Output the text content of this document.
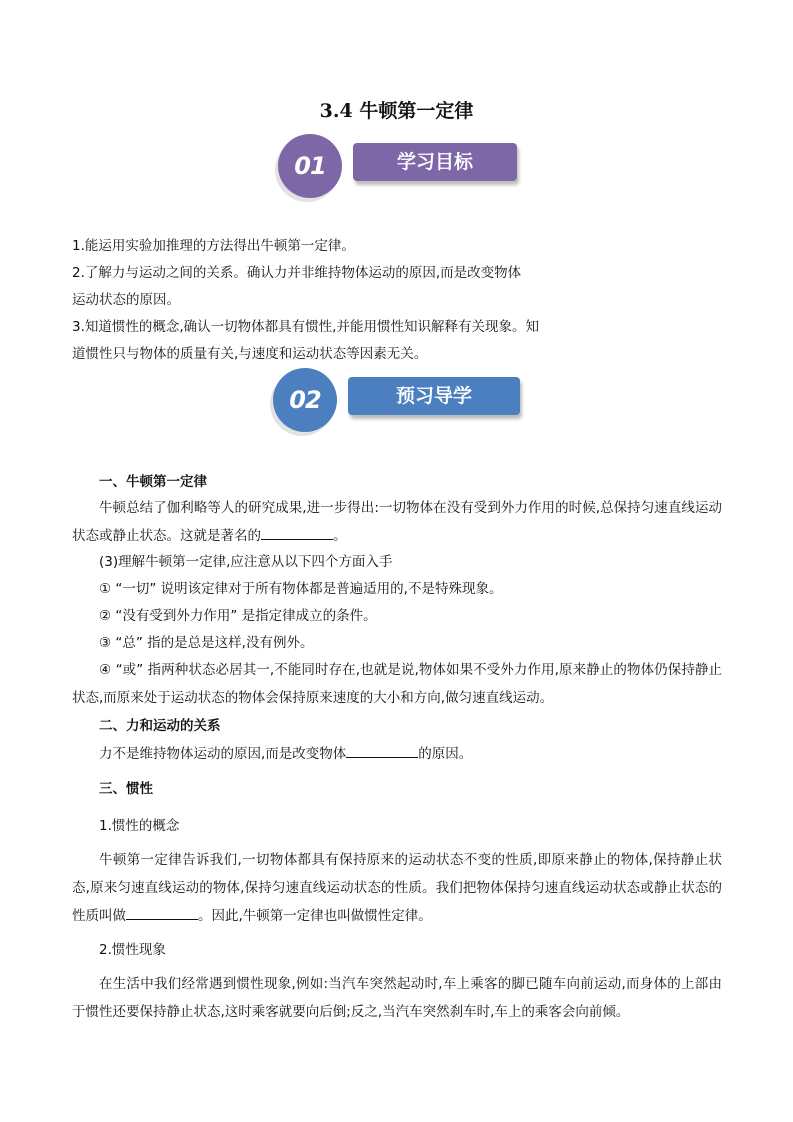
3.4 牛顿第一定律
01	学习目标
1.能运用实验加推理的方法得出牛顿第一定律。
2.了解力与运动之间的关系。确认力并非维持物体运动的原因,而是改变物体
运动状态的原因。
3.知道惯性的概念,确认一切物体都具有惯性,并能用惯性知识解释有关现象。知
道惯性只与物体的质量有关,与速度和运动状态等因素无关。
02	预习导学
一、牛顿第一定律
牛顿总结了伽利略等人的研究成果,进一步得出:一切物体在没有受到外力作用的时候,总保持匀速直线运动状态或静止状态。这就是著名的	。
(3)理解牛顿第一定律,应注意从以下四个方面入手
① “一切” 说明该定律对于所有物体都是普遍适用的,不是特殊现象。
② “没有受到外力作用” 是指定律成立的条件。
③ “总” 指的是总是这样,没有例外。
④ “或” 指两种状态必居其一,不能同时存在,也就是说,物体如果不受外力作用,原来静止的物体仍保持静止状态,而原来处于运动状态的物体会保持原来速度的大小和方向,做匀速直线运动。
二、力和运动的关系
力不是维持物体运动的原因,而是改变物体	的原因。
三、惯性
1.惯性的概念
牛顿第一定律告诉我们,一切物体都具有保持原来的运动状态不变的性质,即原来静止的物体,保持静止状态,原来匀速直线运动的物体,保持匀速直线运动状态的性质。我们把物体保持匀速直线运动状态或静止状态的性质叫做	。因此,牛顿第一定律也叫做惯性定律。
2.惯性现象
在生活中我们经常遇到惯性现象,例如:当汽车突然起动时,车上乘客的脚已随车向前运动,而身体的上部由于惯性还要保持静止状态,这时乘客就要向后倒;反之,当汽车突然刹车时,车上的乘客会向前倾。
